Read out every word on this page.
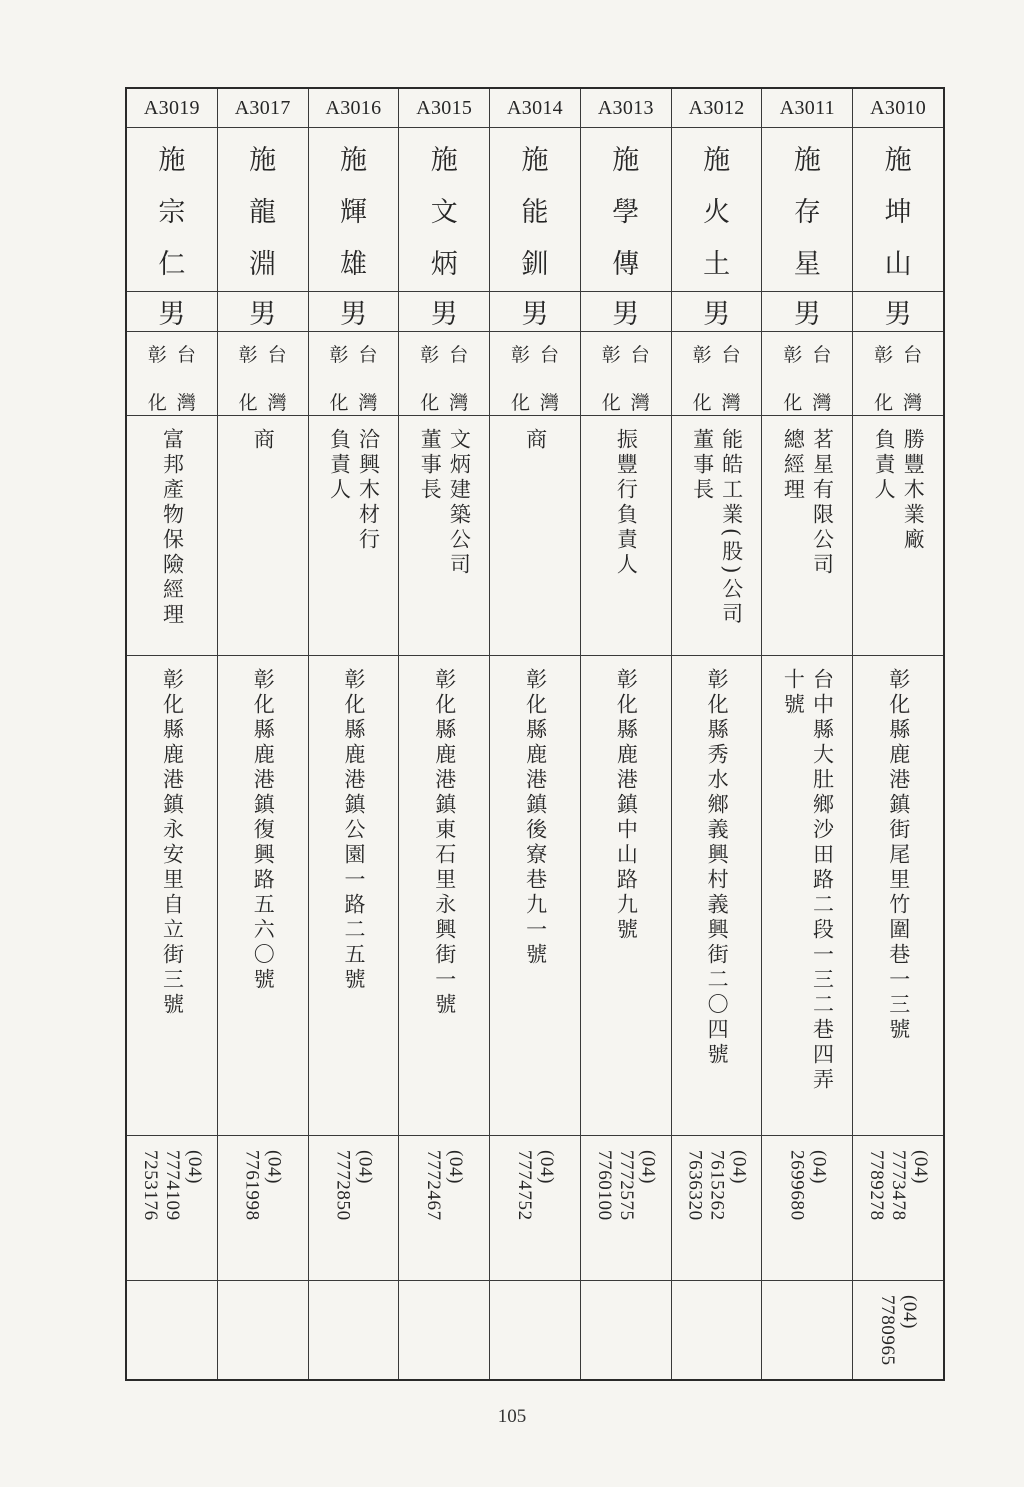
A3019
施
宗
仁
男
台
灣
彰
化
富邦產物保險經理
彰化縣鹿港鎮永安里自立街三號
(04)
7774109
7253176
A3017
施
龍
淵
男
台
灣
彰
化
商
彰化縣鹿港鎮復興路五六〇號
(04)
7761998
A3016
施
輝
雄
男
台
灣
彰
化
洽興木材行
負責人
彰化縣鹿港鎮公園一路二五號
(04)
7772850
A3015
施
文
炳
男
台
灣
彰
化
文炳建築公司
董事長
彰化縣鹿港鎮東石里永興街一號
(04)
7772467
A3014
施
能
釧
男
台
灣
彰
化
商
彰化縣鹿港鎮後寮巷九一號
(04)
7774752
A3013
施
學
傳
男
台
灣
彰
化
振豐行負責人
彰化縣鹿港鎮中山路九號
(04)
7772575
7760100
A3012
施
火
土
男
台
灣
彰
化
能皓工業(股)公司
董事長
彰化縣秀水鄉義興村義興街二〇四號
(04)
7615262
7636320
A3011
施
存
星
男
台
灣
彰
化
茗星有限公司
總經理
台中縣大肚鄉沙田路二段一三二巷四弄
十號
(04)
2699680
A3010
施
坤
山
男
台
灣
彰
化
勝豐木業廠
負責人
彰化縣鹿港鎮街尾里竹圍巷一三號
(04)
7773478
7789278
(04)
7780965
105
